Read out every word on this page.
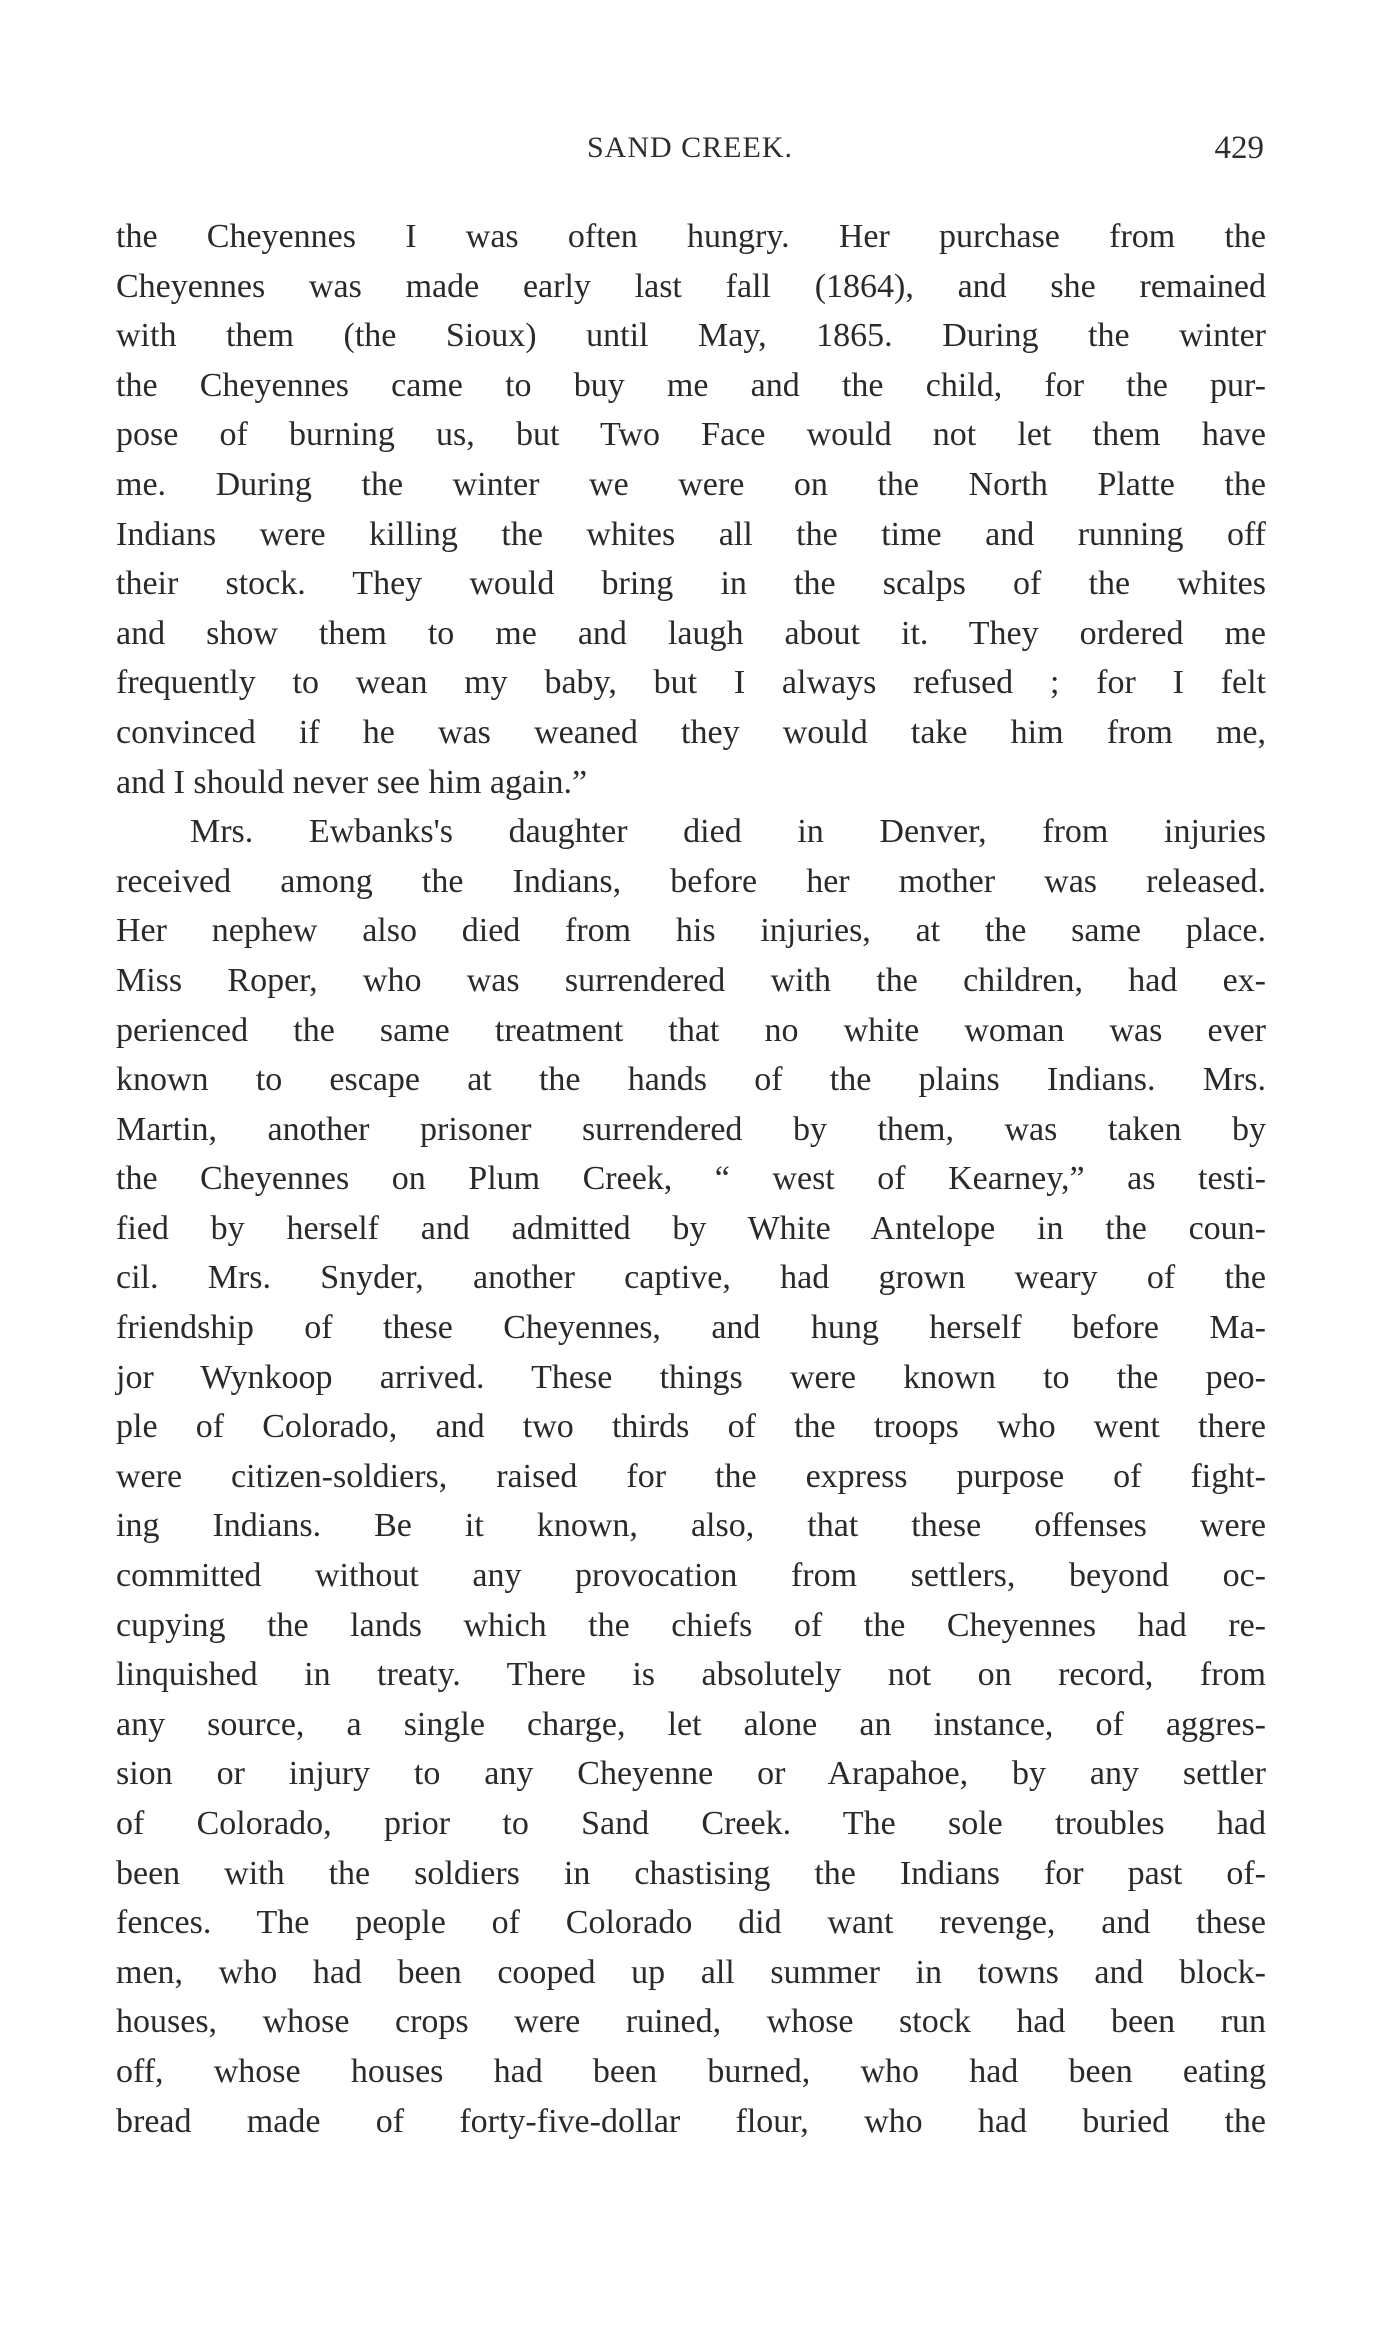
SAND CREEK.	429
the Cheyennes I was often hungry. Her purchase from the
Cheyennes was made early last fall (1864), and she remained
with them (the Sioux) until May, 1865. During the winter
the Cheyennes came to buy me and the child, for the pur-
pose of burning us, but Two Face would not let them have
me. During the winter we were on the North Platte the
Indians were killing the whites all the time and running off
their stock. They would bring in the scalps of the whites
and show them to me and laugh about it. They ordered me
frequently to wean my baby, but I always refused ; for I felt
convinced if he was weaned they would take him from me,
and I should never see him again.”
Mrs. Ewbanks's daughter died in Denver, from injuries
received among the Indians, before her mother was released.
Her nephew also died from his injuries, at the same place.
Miss Roper, who was surrendered with the children, had ex-
perienced the same treatment that no white woman was ever
known to escape at the hands of the plains Indians. Mrs.
Martin, another prisoner surrendered by them, was taken by
the Cheyennes on Plum Creek, “ west of Kearney,” as testi-
fied by herself and admitted by White Antelope in the coun-
cil. Mrs. Snyder, another captive, had grown weary of the
friendship of these Cheyennes, and hung herself before Ma-
jor Wynkoop arrived. These things were known to the peo-
ple of Colorado, and two thirds of the troops who went there
were citizen-soldiers, raised for the express purpose of fight-
ing Indians. Be it known, also, that these offenses were
committed without any provocation from settlers, beyond oc-
cupying the lands which the chiefs of the Cheyennes had re-
linquished in treaty. There is absolutely not on record, from
any source, a single charge, let alone an instance, of aggres-
sion or injury to any Cheyenne or Arapahoe, by any settler
of Colorado, prior to Sand Creek. The sole troubles had
been with the soldiers in chastising the Indians for past of-
fences. The people of Colorado did want revenge, and these
men, who had been cooped up all summer in towns and block-
houses, whose crops were ruined, whose stock had been run
off, whose houses had been burned, who had been eating
bread made of forty-five-dollar flour, who had buried the
